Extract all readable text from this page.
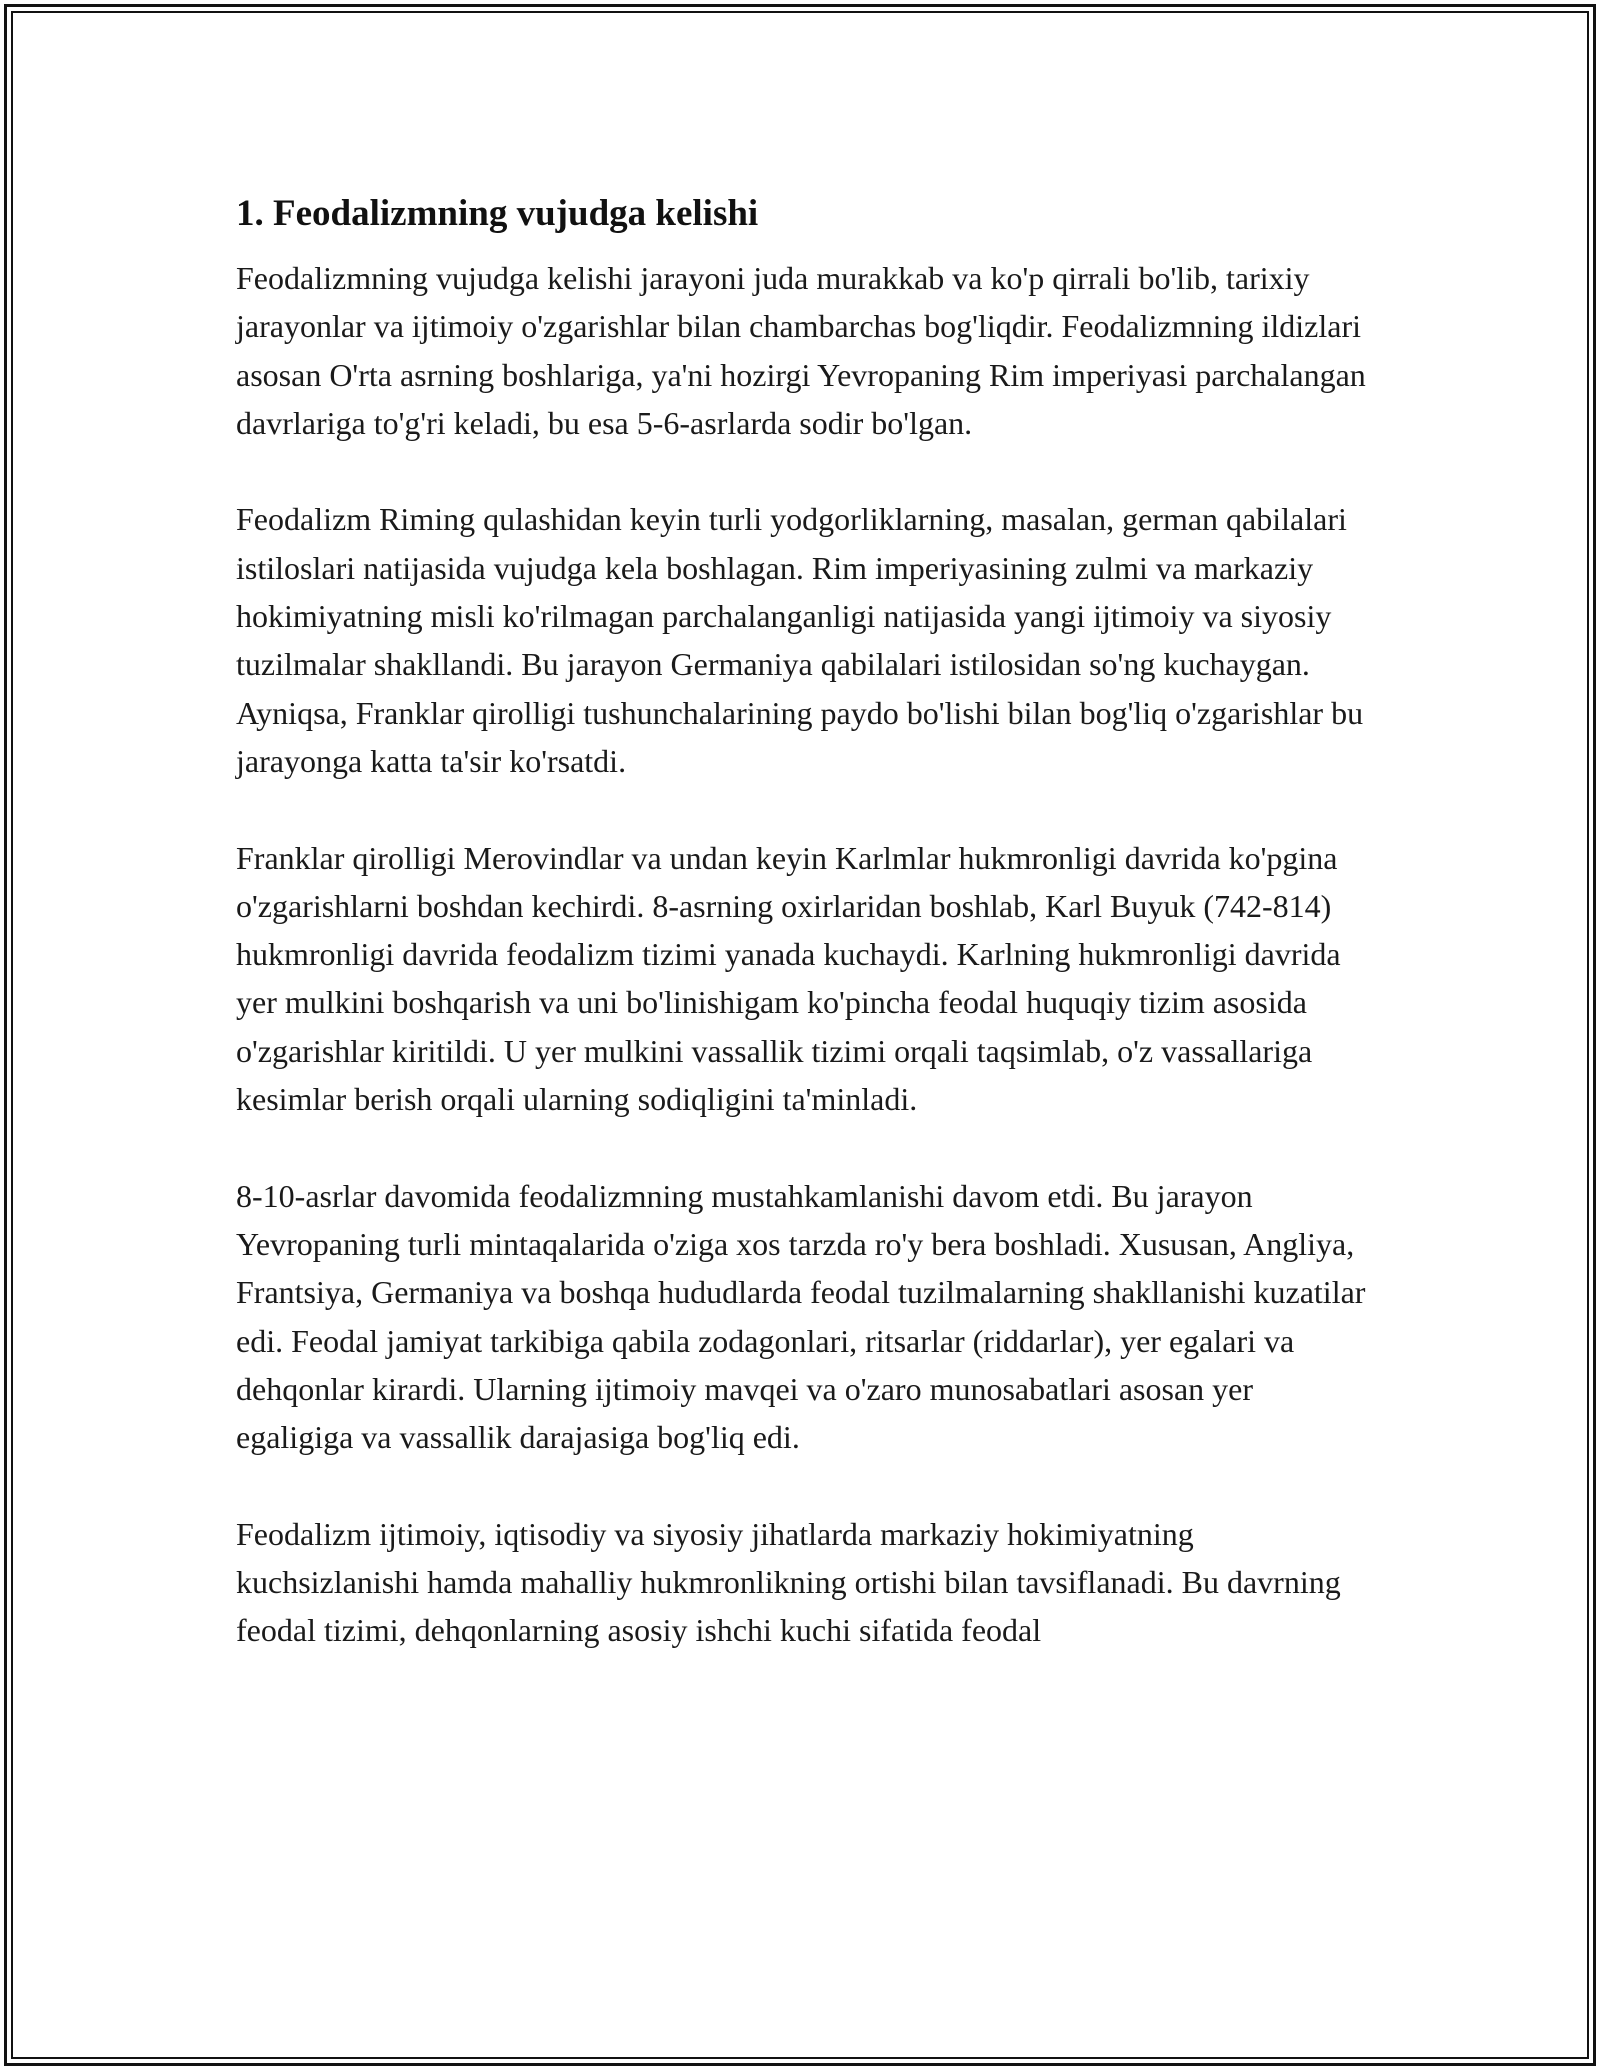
1. Feodalizmning vujudga kelishi

Feodalizmning vujudga kelishi jarayoni juda murakkab va ko'p qirrali bo'lib, tarixiy jarayonlar va ijtimoiy o'zgarishlar bilan chambarchas bog'liqdir. Feodalizmning ildizlari asosan O'rta asrning boshlariga, ya'ni hozirgi Yevropaning Rim imperiyasi parchalangan davrlariga to'g'ri keladi, bu esa 5-6-asrlarda sodir bo'lgan.

Feodalizm Riming qulashidan keyin turli yodgorliklarning, masalan, german qabilalari istiloslari natijasida vujudga kela boshlagan. Rim imperiyasining zulmi va markaziy hokimiyatning misli ko'rilmagan parchalanganligi natijasida yangi ijtimoiy va siyosiy tuzilmalar shakllandi. Bu jarayon Germaniya qabilalari istilosidan so'ng kuchaygan. Ayniqsa, Franklar qirolligi tushunchalarining paydo bo'lishi bilan bog'liq o'zgarishlar bu jarayonga katta ta'sir ko'rsatdi.

Franklar qirolligi Merovindlar va undan keyin Karlmlar hukmronligi davrida ko'pgina o'zgarishlarni boshdan kechirdi. 8-asrning oxirlaridan boshlab, Karl Buyuk (742-814) hukmronligi davrida feodalizm tizimi yanada kuchaydi. Karlning hukmronligi davrida yer mulkini boshqarish va uni bo'linishigam ko'pincha feodal huquqiy tizim asosida o'zgarishlar kiritildi. U yer mulkini vassallik tizimi orqali taqsimlab, o'z vassallariga kesimlar berish orqali ularning sodiqligini ta'minladi.

8-10-asrlar davomida feodalizmning mustahkamlanishi davom etdi. Bu jarayon Yevropaning turli mintaqalarida o'ziga xos tarzda ro'y bera boshladi. Xususan, Angliya, Frantsiya, Germaniya va boshqa hududlarda feodal tuzilmalarning shakllanishi kuzatilar edi. Feodal jamiyat tarkibiga qabila zodagonlari, ritsarlar (riddarlar), yer egalari va dehqonlar kirardi. Ularning ijtimoiy mavqei va o'zaro munosabatlari asosan yer egaligiga va vassallik darajasiga bog'liq edi.

Feodalizm ijtimoiy, iqtisodiy va siyosiy jihatlarda markaziy hokimiyatning kuchsizlanishi hamda mahalliy hukmronlikning ortishi bilan tavsiflanadi. Bu davrning feodal tizimi, dehqonlarning asosiy ishchi kuchi sifatida feodal
